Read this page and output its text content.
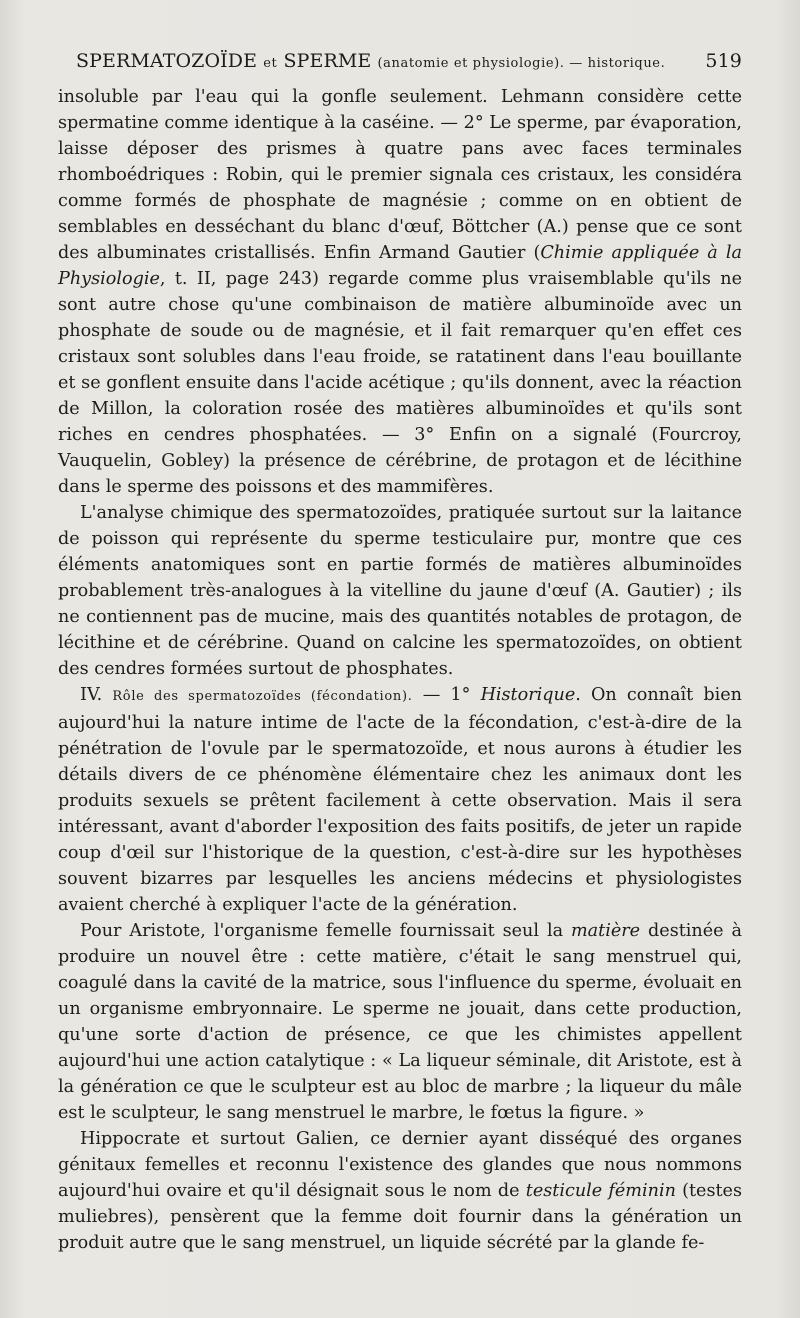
SPERMATOZOÏDE et SPERME (anatomie et physiologie). — historique. 519

insoluble par l'eau qui la gonfle seulement. Lehmann considère cette spermatine comme identique à la caséine. — 2° Le sperme, par évaporation, laisse déposer des prismes à quatre pans avec faces terminales rhomboédriques : Robin, qui le premier signala ces cristaux, les considéra comme formés de phosphate de magnésie ; comme on en obtient de semblables en desséchant du blanc d'œuf, Böttcher (A.) pense que ce sont des albuminates cristallisés. Enfin Armand Gautier (Chimie appliquée à la Physiologie, t. II, page 243) regarde comme plus vraisemblable qu'ils ne sont autre chose qu'une combinaison de matière albuminoïde avec un phosphate de soude ou de magnésie, et il fait remarquer qu'en effet ces cristaux sont solubles dans l'eau froide, se ratatinent dans l'eau bouillante et se gonflent ensuite dans l'acide acétique ; qu'ils donnent, avec la réaction de Millon, la coloration rosée des matières albuminoïdes et qu'ils sont riches en cendres phosphatées. — 3° Enfin on a signalé (Fourcroy, Vauquelin, Gobley) la présence de cérébrine, de protagon et de lécithine dans le sperme des poissons et des mammifères.

L'analyse chimique des spermatozoïdes, pratiquée surtout sur la laitance de poisson qui représente du sperme testiculaire pur, montre que ces éléments anatomiques sont en partie formés de matières albuminoïdes probablement très-analogues à la vitelline du jaune d'œuf (A. Gautier) ; ils ne contiennent pas de mucine, mais des quantités notables de protagon, de lécithine et de cérébrine. Quand on calcine les spermatozoïdes, on obtient des cendres formées surtout de phosphates.

IV. Rôle des spermatozoïdes (fécondation). — 1° Historique. On connaît bien aujourd'hui la nature intime de l'acte de la fécondation, c'est-à-dire de la pénétration de l'ovule par le spermatozoïde, et nous aurons à étudier les détails divers de ce phénomène élémentaire chez les animaux dont les produits sexuels se prêtent facilement à cette observation. Mais il sera intéressant, avant d'aborder l'exposition des faits positifs, de jeter un rapide coup d'œil sur l'historique de la question, c'est-à-dire sur les hypothèses souvent bizarres par lesquelles les anciens médecins et physiologistes avaient cherché à expliquer l'acte de la génération.

Pour Aristote, l'organisme femelle fournissait seul la matière destinée à produire un nouvel être : cette matière, c'était le sang menstruel qui, coagulé dans la cavité de la matrice, sous l'influence du sperme, évoluait en un organisme embryonnaire. Le sperme ne jouait, dans cette production, qu'une sorte d'action de présence, ce que les chimistes appellent aujourd'hui une action catalytique : « La liqueur séminale, dit Aristote, est à la génération ce que le sculpteur est au bloc de marbre ; la liqueur du mâle est le sculpteur, le sang menstruel le marbre, le fœtus la figure. »

Hippocrate et surtout Galien, ce dernier ayant disséqué des organes génitaux femelles et reconnu l'existence des glandes que nous nommons aujourd'hui ovaire et qu'il désignait sous le nom de testicule féminin (testes muliebres), pensèrent que la femme doit fournir dans la génération un produit autre que le sang menstruel, un liquide sécrété par la glande fe-
